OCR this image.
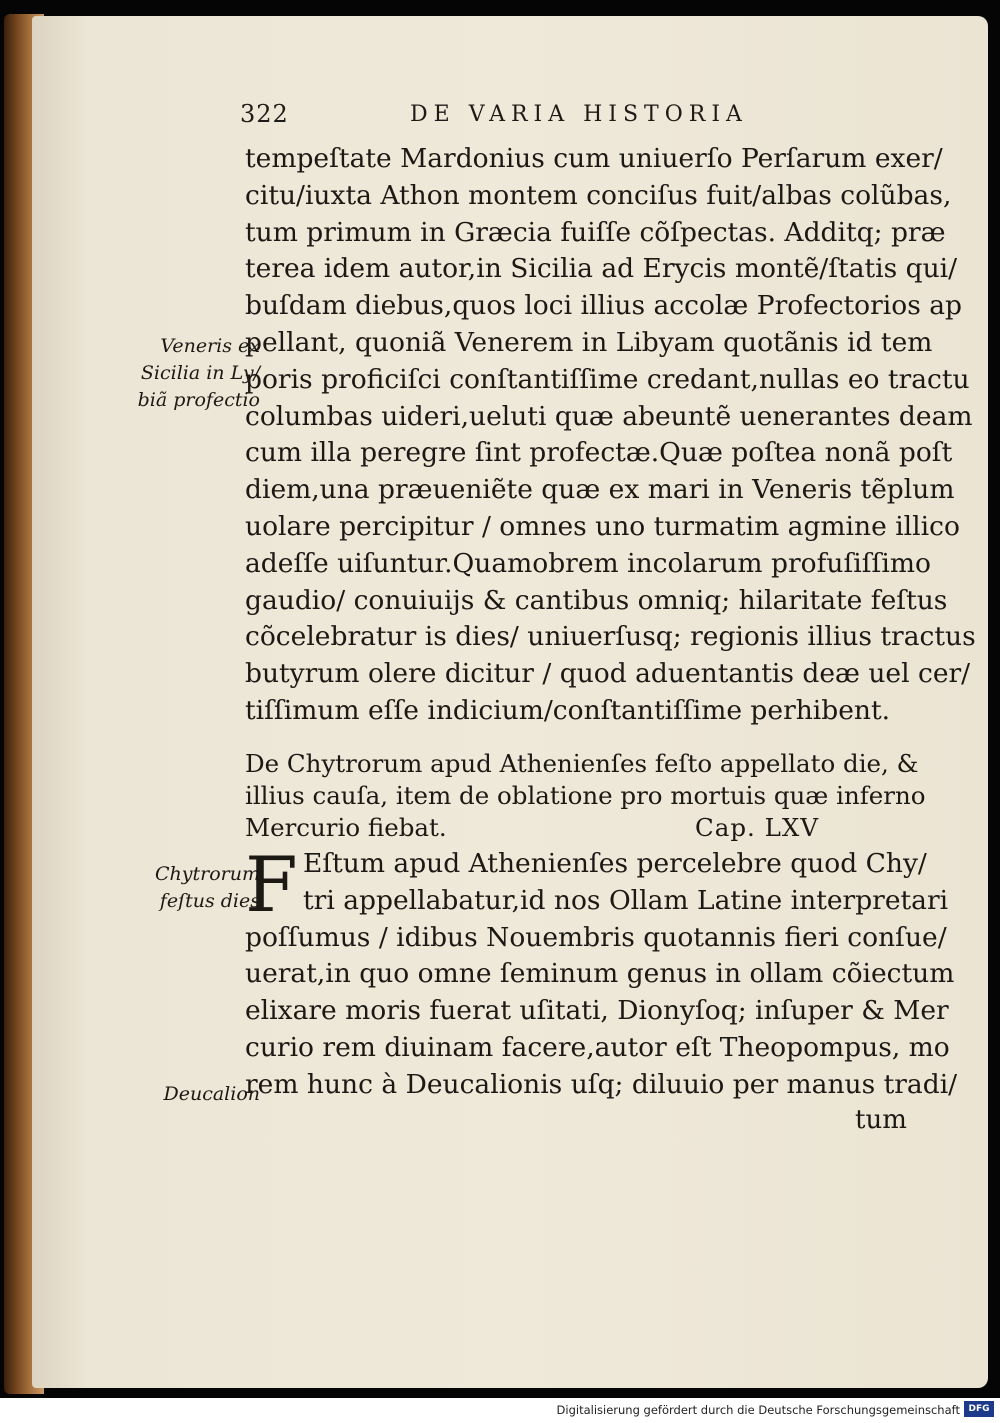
322	DE VARIA HISTORIA
tempeſtate Mardonius cum uniuerſo Perſarum exer/
citu/iuxta Athon montem conciſus fuit/albas colũbas,
tum primum in Græcia fuiſſe cõſpectas. Additq; præ
terea idem autor,in Sicilia ad Erycis montẽ/ſtatis qui/
buſdam diebus,quos loci illius accolæ Profectorios ap
pellant, quoniã Venerem in Libyam quotãnis id tem
poris proficiſci conſtantiſſime credant,nullas eo tractu
columbas uideri,ueluti quæ abeuntẽ uenerantes deam
cum illa peregre ſint profectæ.Quæ poſtea nonã poſt
diem,una præueniẽte quæ ex mari in Veneris tẽplum
uolare percipitur / omnes uno turmatim agmine illico
adeſſe uiſuntur.Quamobrem incolarum profuſiſſimo
gaudio/ conuiuijs & cantibus omniq; hilaritate feſtus
cõcelebratur is dies/ uniuerſusq; regionis illius tractus
butyrum olere dicitur / quod aduentantis deæ uel cer/
tiſſimum eſſe indicium/conſtantiſſime perhibent.
De Chytrorum apud Athenienſes feſto appellato die, &
illius cauſa, item de oblatione pro mortuis quæ inferno
Mercurio fiebat.	Cap. LXV
F Eſtum apud Athenienſes percelebre quod Chy/
tri appellabatur,id nos Ollam Latine interpretari
poſſumus / idibus Nouembris quotannis fieri conſue/
uerat,in quo omne ſeminum genus in ollam cõiectum
elixare moris fuerat uſitati, Dionyſoq; inſuper & Mer
curio rem diuinam facere,autor eſt Theopompus, mo
rem hunc à Deucalionis uſq; diluuio per manus tradi/
tum
Veneris ex
Sicilia in Ly/
biã profectio
Chytrorum
feſtus dies
Deucalion
Digitalisierung gefördert durch die Deutsche Forschungsgemeinschaft DFG
